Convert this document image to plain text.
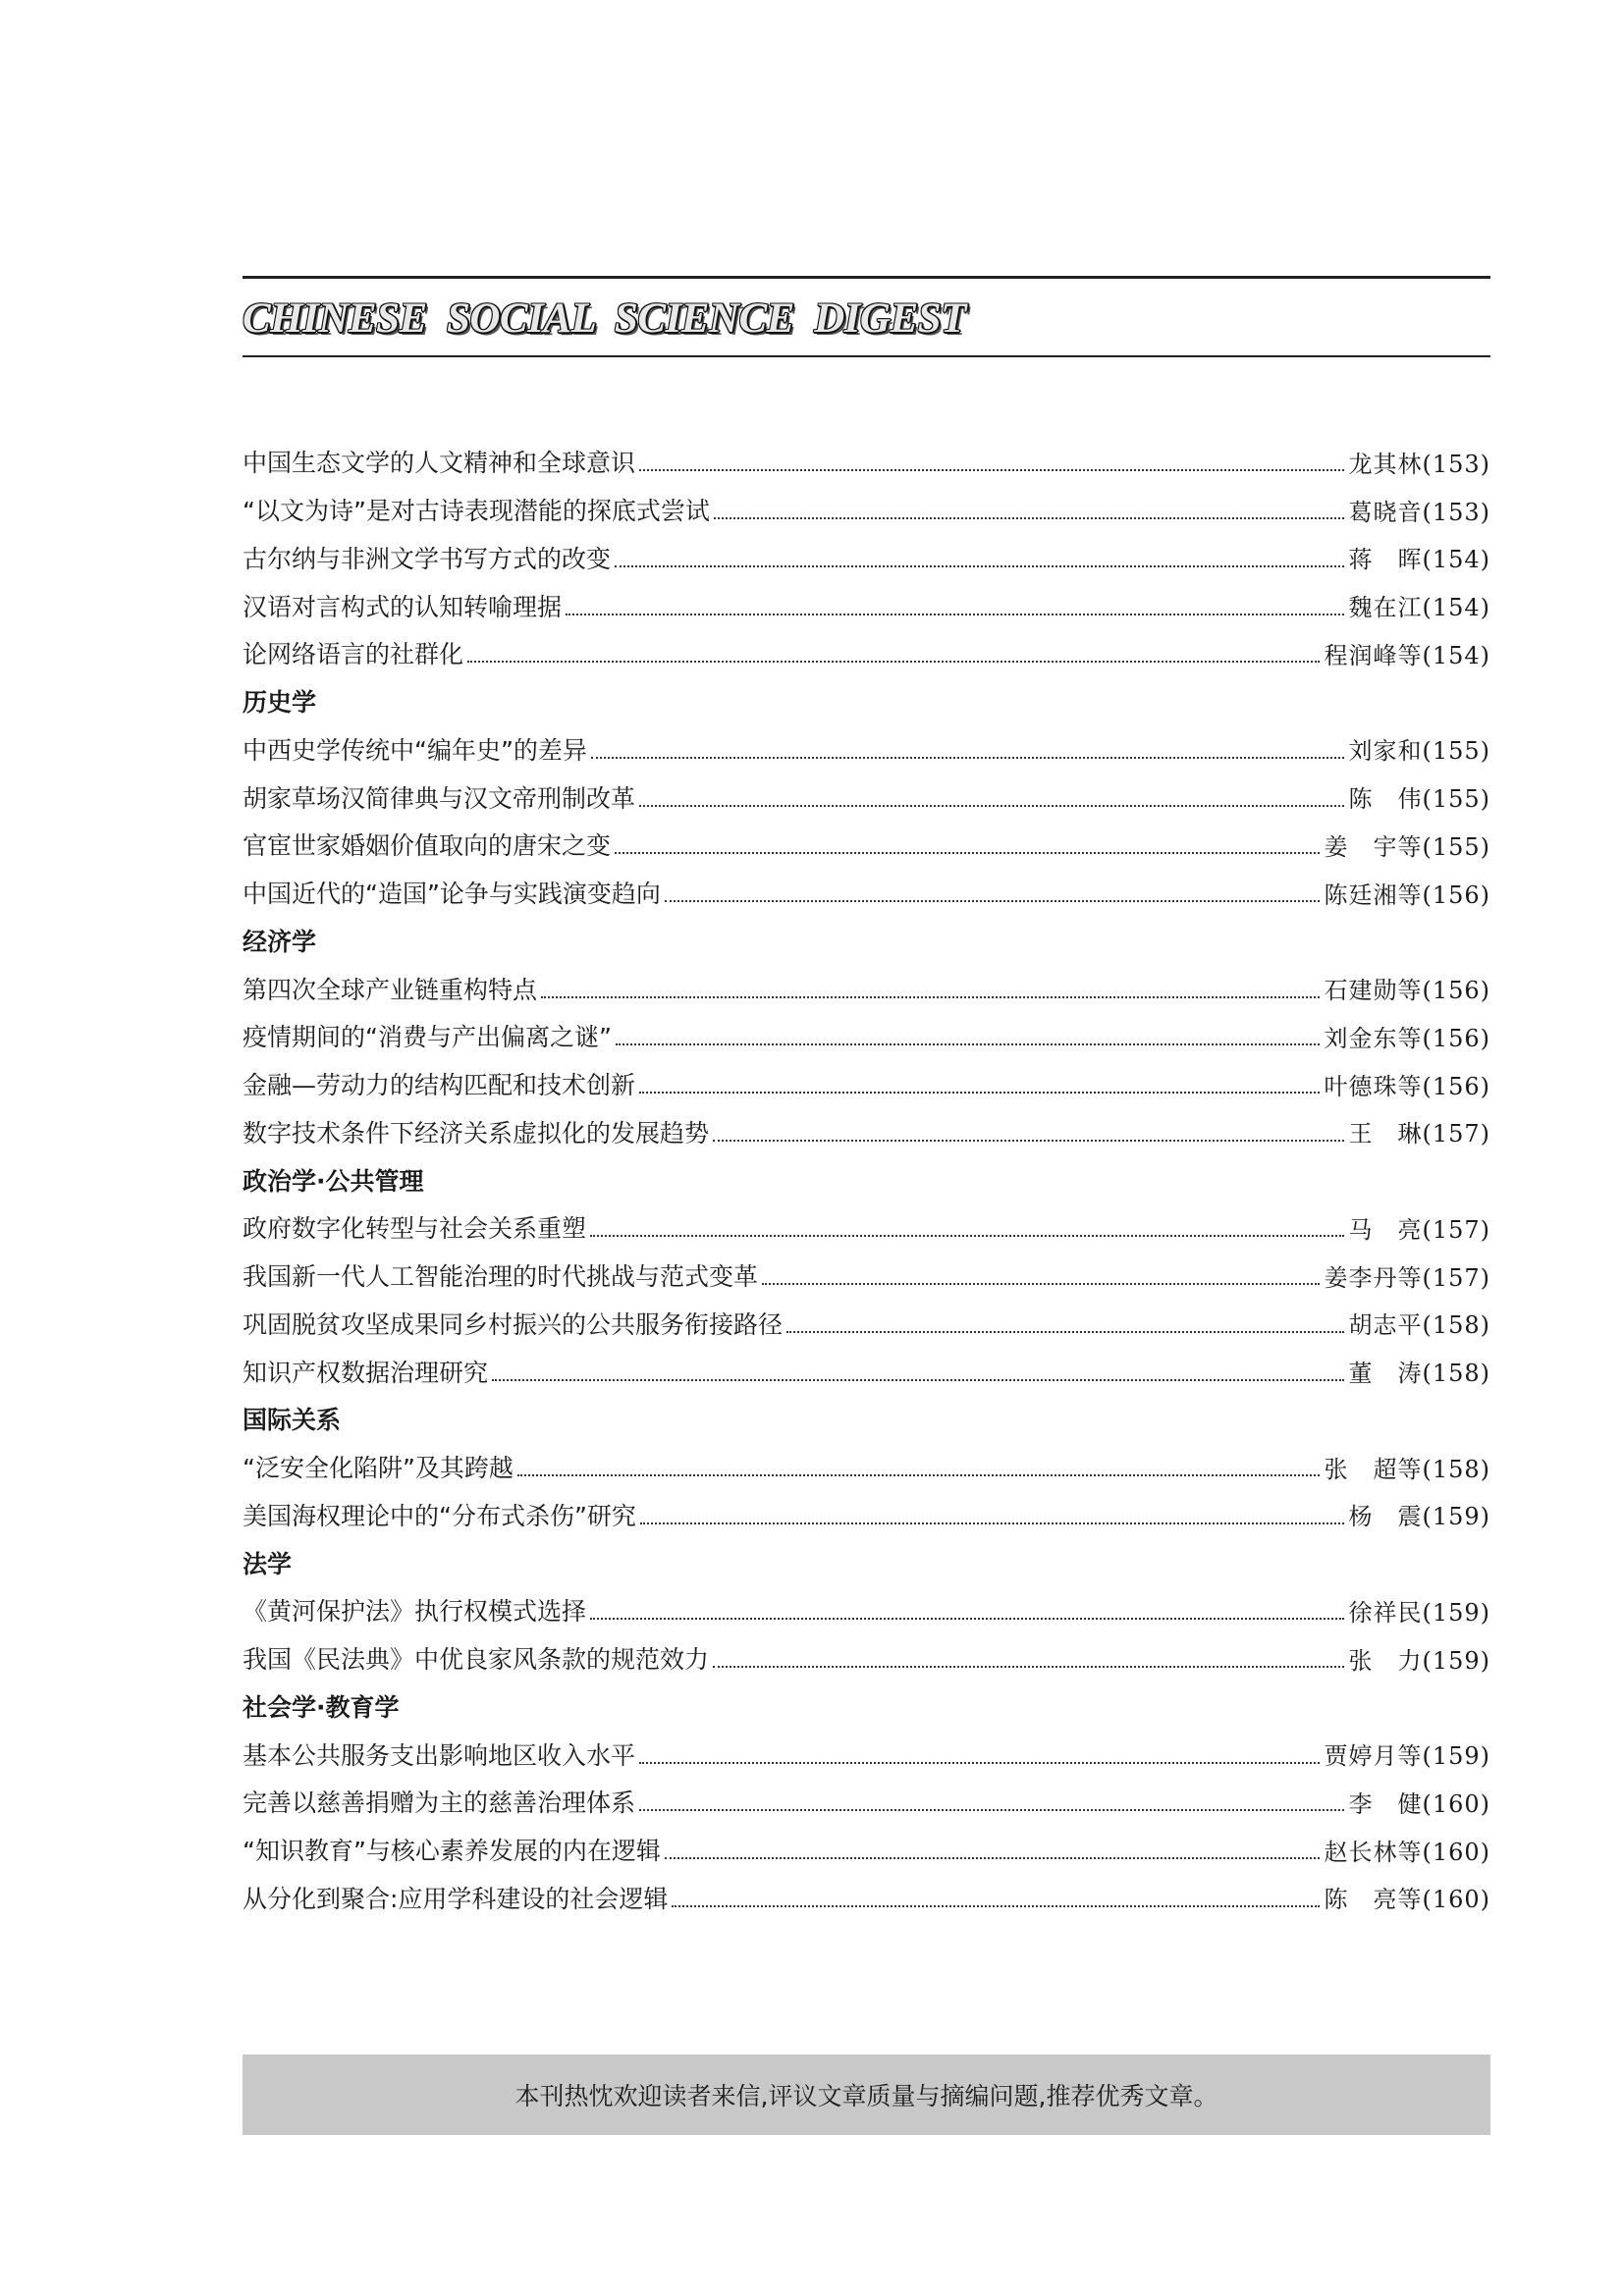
CHINESE SOCIAL SCIENCE DIGEST
中国生态文学的人文精神和全球意识	龙其林(153)
“以文为诗”是对古诗表现潜能的探底式尝试	葛晓音(153)
古尔纳与非洲文学书写方式的改变	蒋　晖(154)
汉语对言构式的认知转喻理据	魏在江(154)
论网络语言的社群化	程润峰等(154)
历史学
中西史学传统中“编年史”的差异	刘家和(155)
胡家草场汉简律典与汉文帝刑制改革	陈　伟(155)
官宦世家婚姻价值取向的唐宋之变	姜　宇等(155)
中国近代的“造国”论争与实践演变趋向	陈廷湘等(156)
经济学
第四次全球产业链重构特点	石建勋等(156)
疫情期间的“消费与产出偏离之谜”	刘金东等(156)
金融—劳动力的结构匹配和技术创新	叶德珠等(156)
数字技术条件下经济关系虚拟化的发展趋势	王　琳(157)
政治学·公共管理
政府数字化转型与社会关系重塑	马　亮(157)
我国新一代人工智能治理的时代挑战与范式变革	姜李丹等(157)
巩固脱贫攻坚成果同乡村振兴的公共服务衔接路径	胡志平(158)
知识产权数据治理研究	董　涛(158)
国际关系
“泛安全化陷阱”及其跨越	张　超等(158)
美国海权理论中的“分布式杀伤”研究	杨　震(159)
法学
《黄河保护法》执行权模式选择	徐祥民(159)
我国《民法典》中优良家风条款的规范效力	张　力(159)
社会学·教育学
基本公共服务支出影响地区收入水平	贾婷月等(159)
完善以慈善捐赠为主的慈善治理体系	李　健(160)
“知识教育”与核心素养发展的内在逻辑	赵长林等(160)
从分化到聚合:应用学科建设的社会逻辑	陈　亮等(160)
本刊热忱欢迎读者来信,评议文章质量与摘编问题,推荐优秀文章。
